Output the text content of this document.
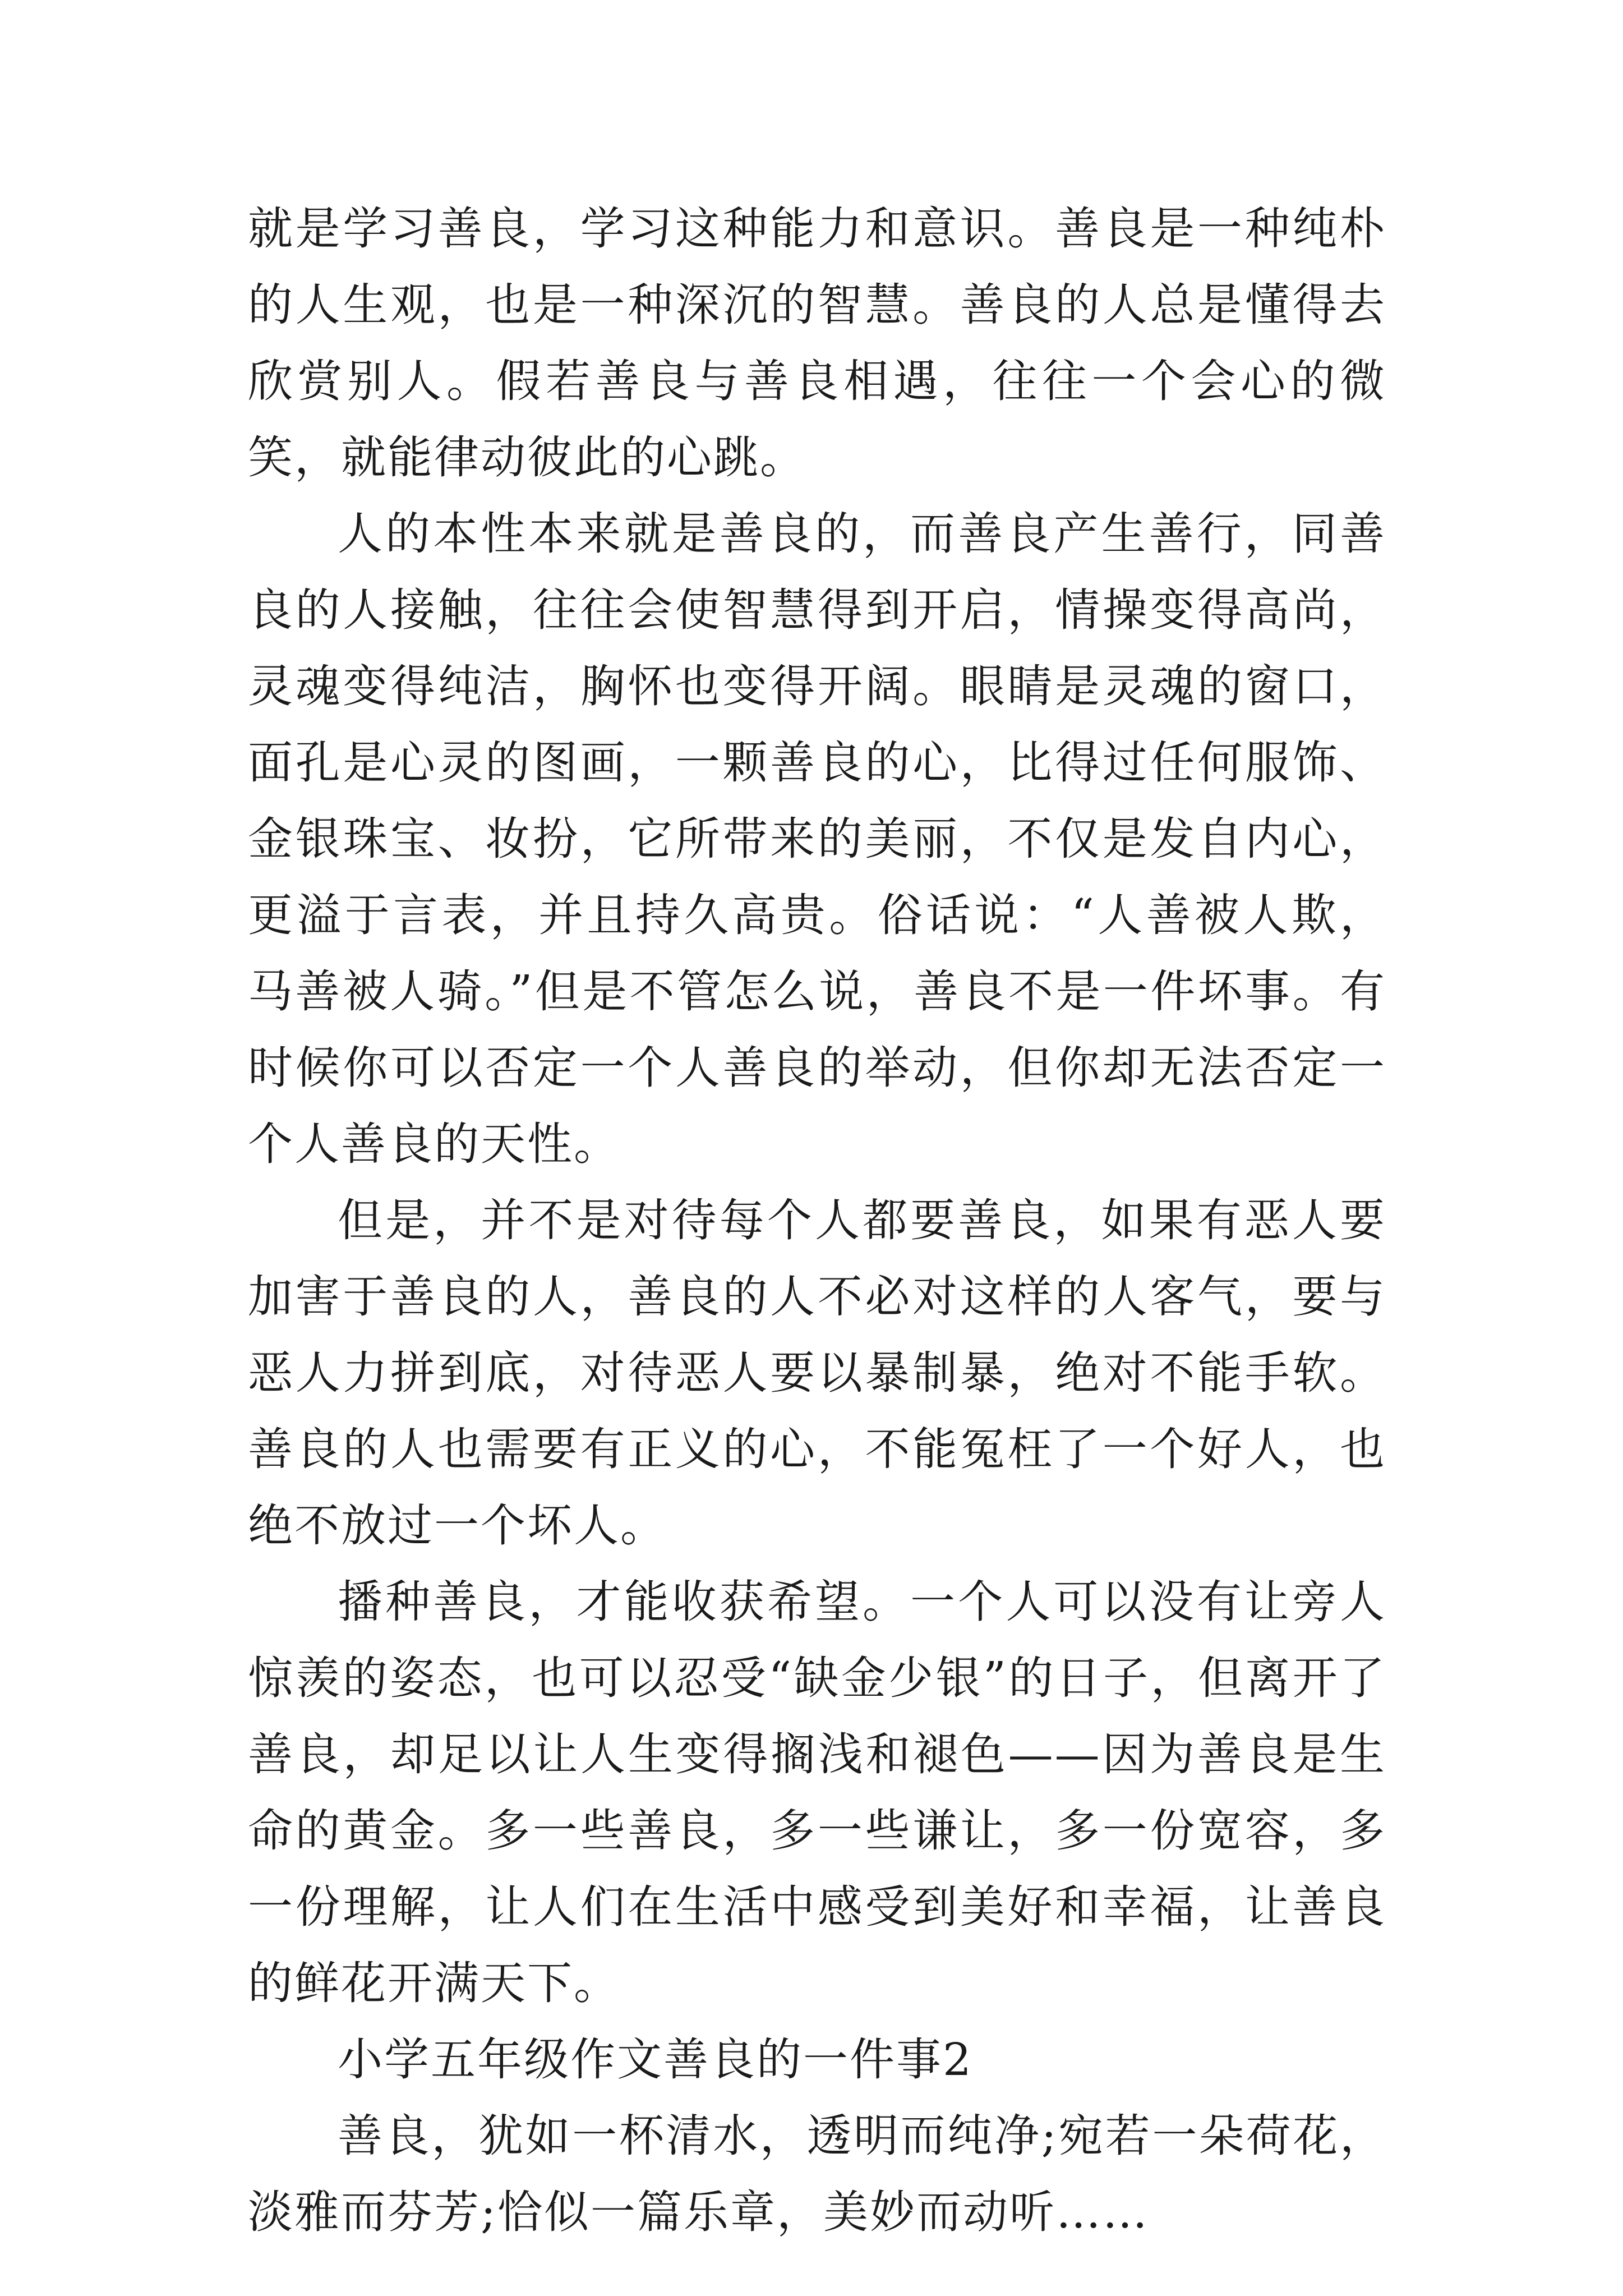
就是学习善良，学习这种能力和意识。善良是一种纯朴的人生观，也是一种深沉的智慧。善良的人总是懂得去欣赏别人。假若善良与善良相遇，往往一个会心的微笑，就能律动彼此的心跳。

人的本性本来就是善良的，而善良产生善行，同善良的人接触，往往会使智慧得到开启，情操变得高尚，灵魂变得纯洁，胸怀也变得开阔。眼睛是灵魂的窗口，面孔是心灵的图画，一颗善良的心，比得过任何服饰、金银珠宝、妆扮，它所带来的美丽，不仅是发自内心，更溢于言表，并且持久高贵。俗话说：“人善被人欺，马善被人骑。”但是不管怎么说，善良不是一件坏事。有时候你可以否定一个人善良的举动，但你却无法否定一个人善良的天性。

但是，并不是对待每个人都要善良，如果有恶人要加害于善良的人，善良的人不必对这样的人客气，要与恶人力拼到底，对待恶人要以暴制暴，绝对不能手软。善良的人也需要有正义的心，不能冤枉了一个好人，也绝不放过一个坏人。

播种善良，才能收获希望。一个人可以没有让旁人惊羡的姿态，也可以忍受“缺金少银”的日子，但离开了善良，却足以让人生变得搁浅和褪色——因为善良是生命的黄金。多一些善良，多一些谦让，多一份宽容，多一份理解，让人们在生活中感受到美好和幸福，让善良的鲜花开满天下。

小学五年级作文善良的一件事2

善良，犹如一杯清水，透明而纯净;宛若一朵荷花，淡雅而芬芳;恰似一篇乐章，美妙而动听……
